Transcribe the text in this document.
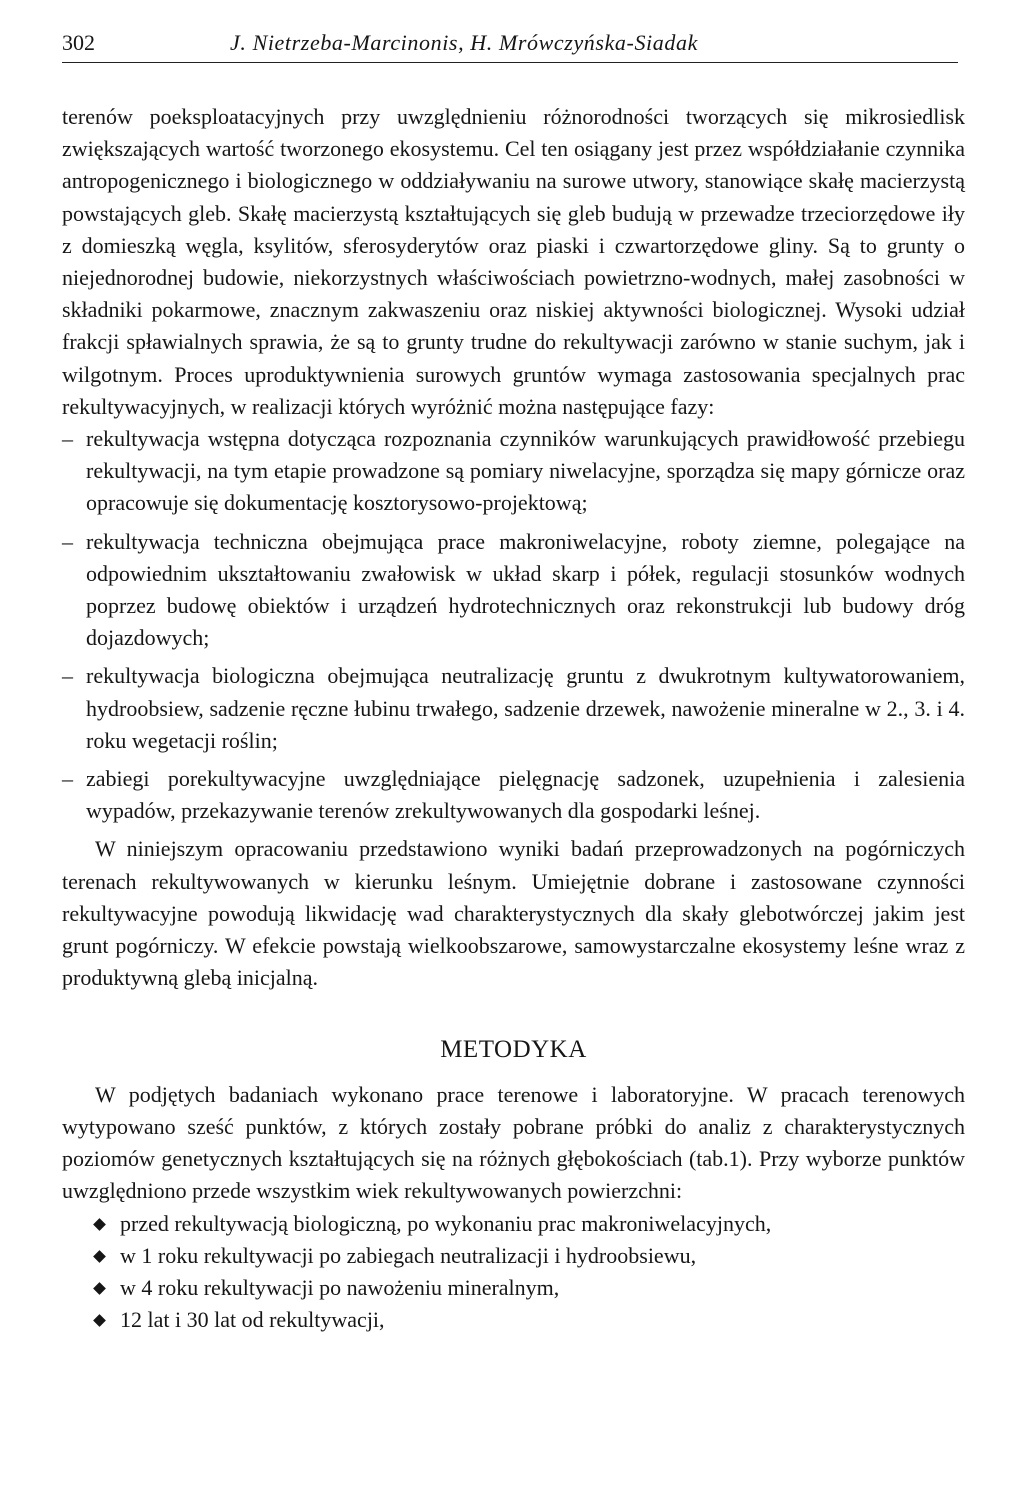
302	J. Nietrzeba-Marcinonis, H. Mrówczyńska-Siadak

terenów poeksploatacyjnych przy uwzględnieniu różnorodności tworzących się mikrosiedlisk zwiększających wartość tworzonego ekosystemu. Cel ten osiągany jest przez współdziałanie czynnika antropogenicznego i biologicznego w oddziaływaniu na surowe utwory, stanowiące skałę macierzystą powstających gleb. Skałę macierzystą kształtujących się gleb budują w przewadze trzeciorzędowe iły z domieszką węgla, ksylitów, sferosyderytów oraz piaski i czwartorzędowe gliny. Są to grunty o niejednorodnej budowie, niekorzystnych właściwościach powietrzno-wodnych, małej zasobności w składniki pokarmowe, znacznym zakwaszeniu oraz niskiej aktywności biologicznej. Wysoki udział frakcji spławialnych sprawia, że są to grunty trudne do rekultywacji zarówno w stanie suchym, jak i wilgotnym. Proces uproduktywnienia surowych gruntów wymaga zastosowania specjalnych prac rekultywacyjnych, w realizacji których wyróżnić można następujące fazy:

– rekultywacja wstępna dotycząca rozpoznania czynników warunkujących prawidłowość przebiegu rekultywacji, na tym etapie prowadzone są pomiary niwelacyjne, sporządza się mapy górnicze oraz opracowuje się dokumentację kosztorysowo-projektową;
– rekultywacja techniczna obejmująca prace makroniwelacyjne, roboty ziemne, polegające na odpowiednim ukształtowaniu zwałowisk w układ skarp i półek, regulacji stosunków wodnych poprzez budowę obiektów i urządzeń hydrotechnicznych oraz rekonstrukcji lub budowy dróg dojazdowych;
– rekultywacja biologiczna obejmująca neutralizację gruntu z dwukrotnym kultywatorowaniem, hydroobsiew, sadzenie ręczne łubinu trwałego, sadzenie drzewek, nawożenie mineralne w 2., 3. i 4. roku wegetacji roślin;
– zabiegi porekultywacyjne uwzględniające pielęgnację sadzonek, uzupełnienia i zalesienia wypadów, przekazywanie terenów zrekultywowanych dla gospodarki leśnej.

W niniejszym opracowaniu przedstawiono wyniki badań przeprowadzonych na pogórniczych terenach rekultywowanych w kierunku leśnym. Umiejętnie dobrane i zastosowane czynności rekultywacyjne powodują likwidację wad charakterystycznych dla skały glebotwórczej jakim jest grunt pogórniczy. W efekcie powstają wielkoobszarowe, samowystarczalne ekosystemy leśne wraz z produktywną glebą inicjalną.

METODYKA

W podjętych badaniach wykonano prace terenowe i laboratoryjne. W pracach terenowych wytypowano sześć punktów, z których zostały pobrane próbki do analiz z charakterystycznych poziomów genetycznych kształtujących się na różnych głębokościach (tab.1). Przy wyborze punktów uwzględniono przede wszystkim wiek rekultywowanych powierzchni:

przed rekultywacją biologiczną, po wykonaniu prac makroniwelacyjnych,
w 1 roku rekultywacji po zabiegach neutralizacji i hydroobsiewu,
w 4 roku rekultywacji po nawożeniu mineralnym,
12 lat i 30 lat od rekultywacji,
